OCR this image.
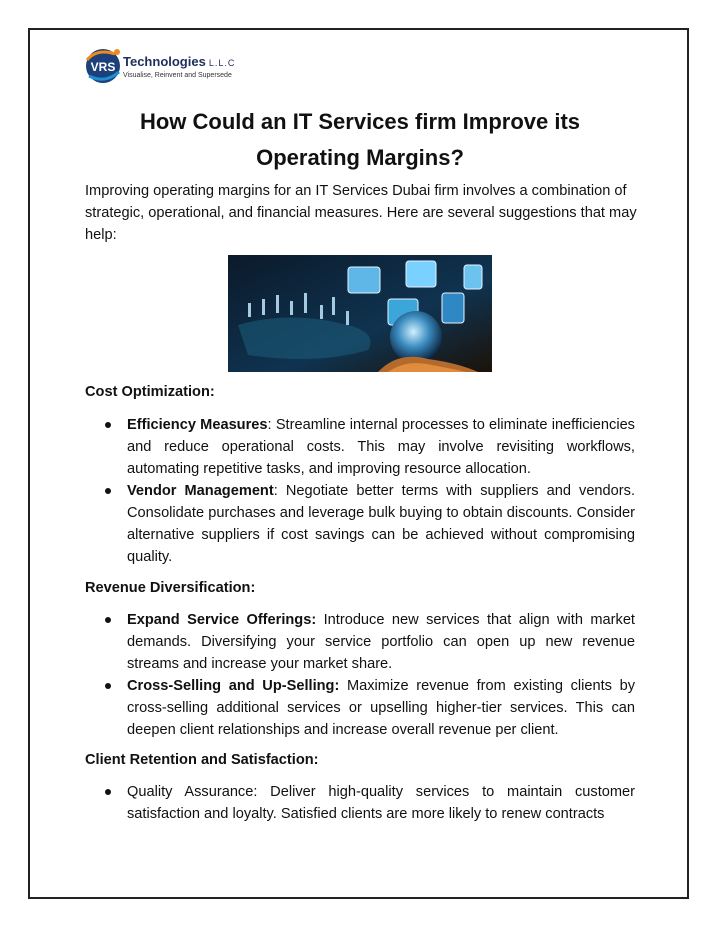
VRS Technologies L.L.C
Visualise, Reinvent and Supersede
How Could an IT Services firm Improve its
Operating Margins?
Improving operating margins for an IT Services Dubai firm involves a combination of strategic, operational, and financial measures. Here are several suggestions that may help:
Cost Optimization:
Efficiency Measures: Streamline internal processes to eliminate inefficiencies and reduce operational costs. This may involve revisiting workflows, automating repetitive tasks, and improving resource allocation.
Vendor Management: Negotiate better terms with suppliers and vendors. Consolidate purchases and leverage bulk buying to obtain discounts. Consider alternative suppliers if cost savings can be achieved without compromising quality.
Revenue Diversification:
Expand Service Offerings: Introduce new services that align with market demands. Diversifying your service portfolio can open up new revenue streams and increase your market share.
Cross-Selling and Up-Selling: Maximize revenue from existing clients by cross-selling additional services or upselling higher-tier services. This can deepen client relationships and increase overall revenue per client.
Client Retention and Satisfaction:
Quality Assurance: Deliver high-quality services to maintain customer satisfaction and loyalty. Satisfied clients are more likely to renew contracts
